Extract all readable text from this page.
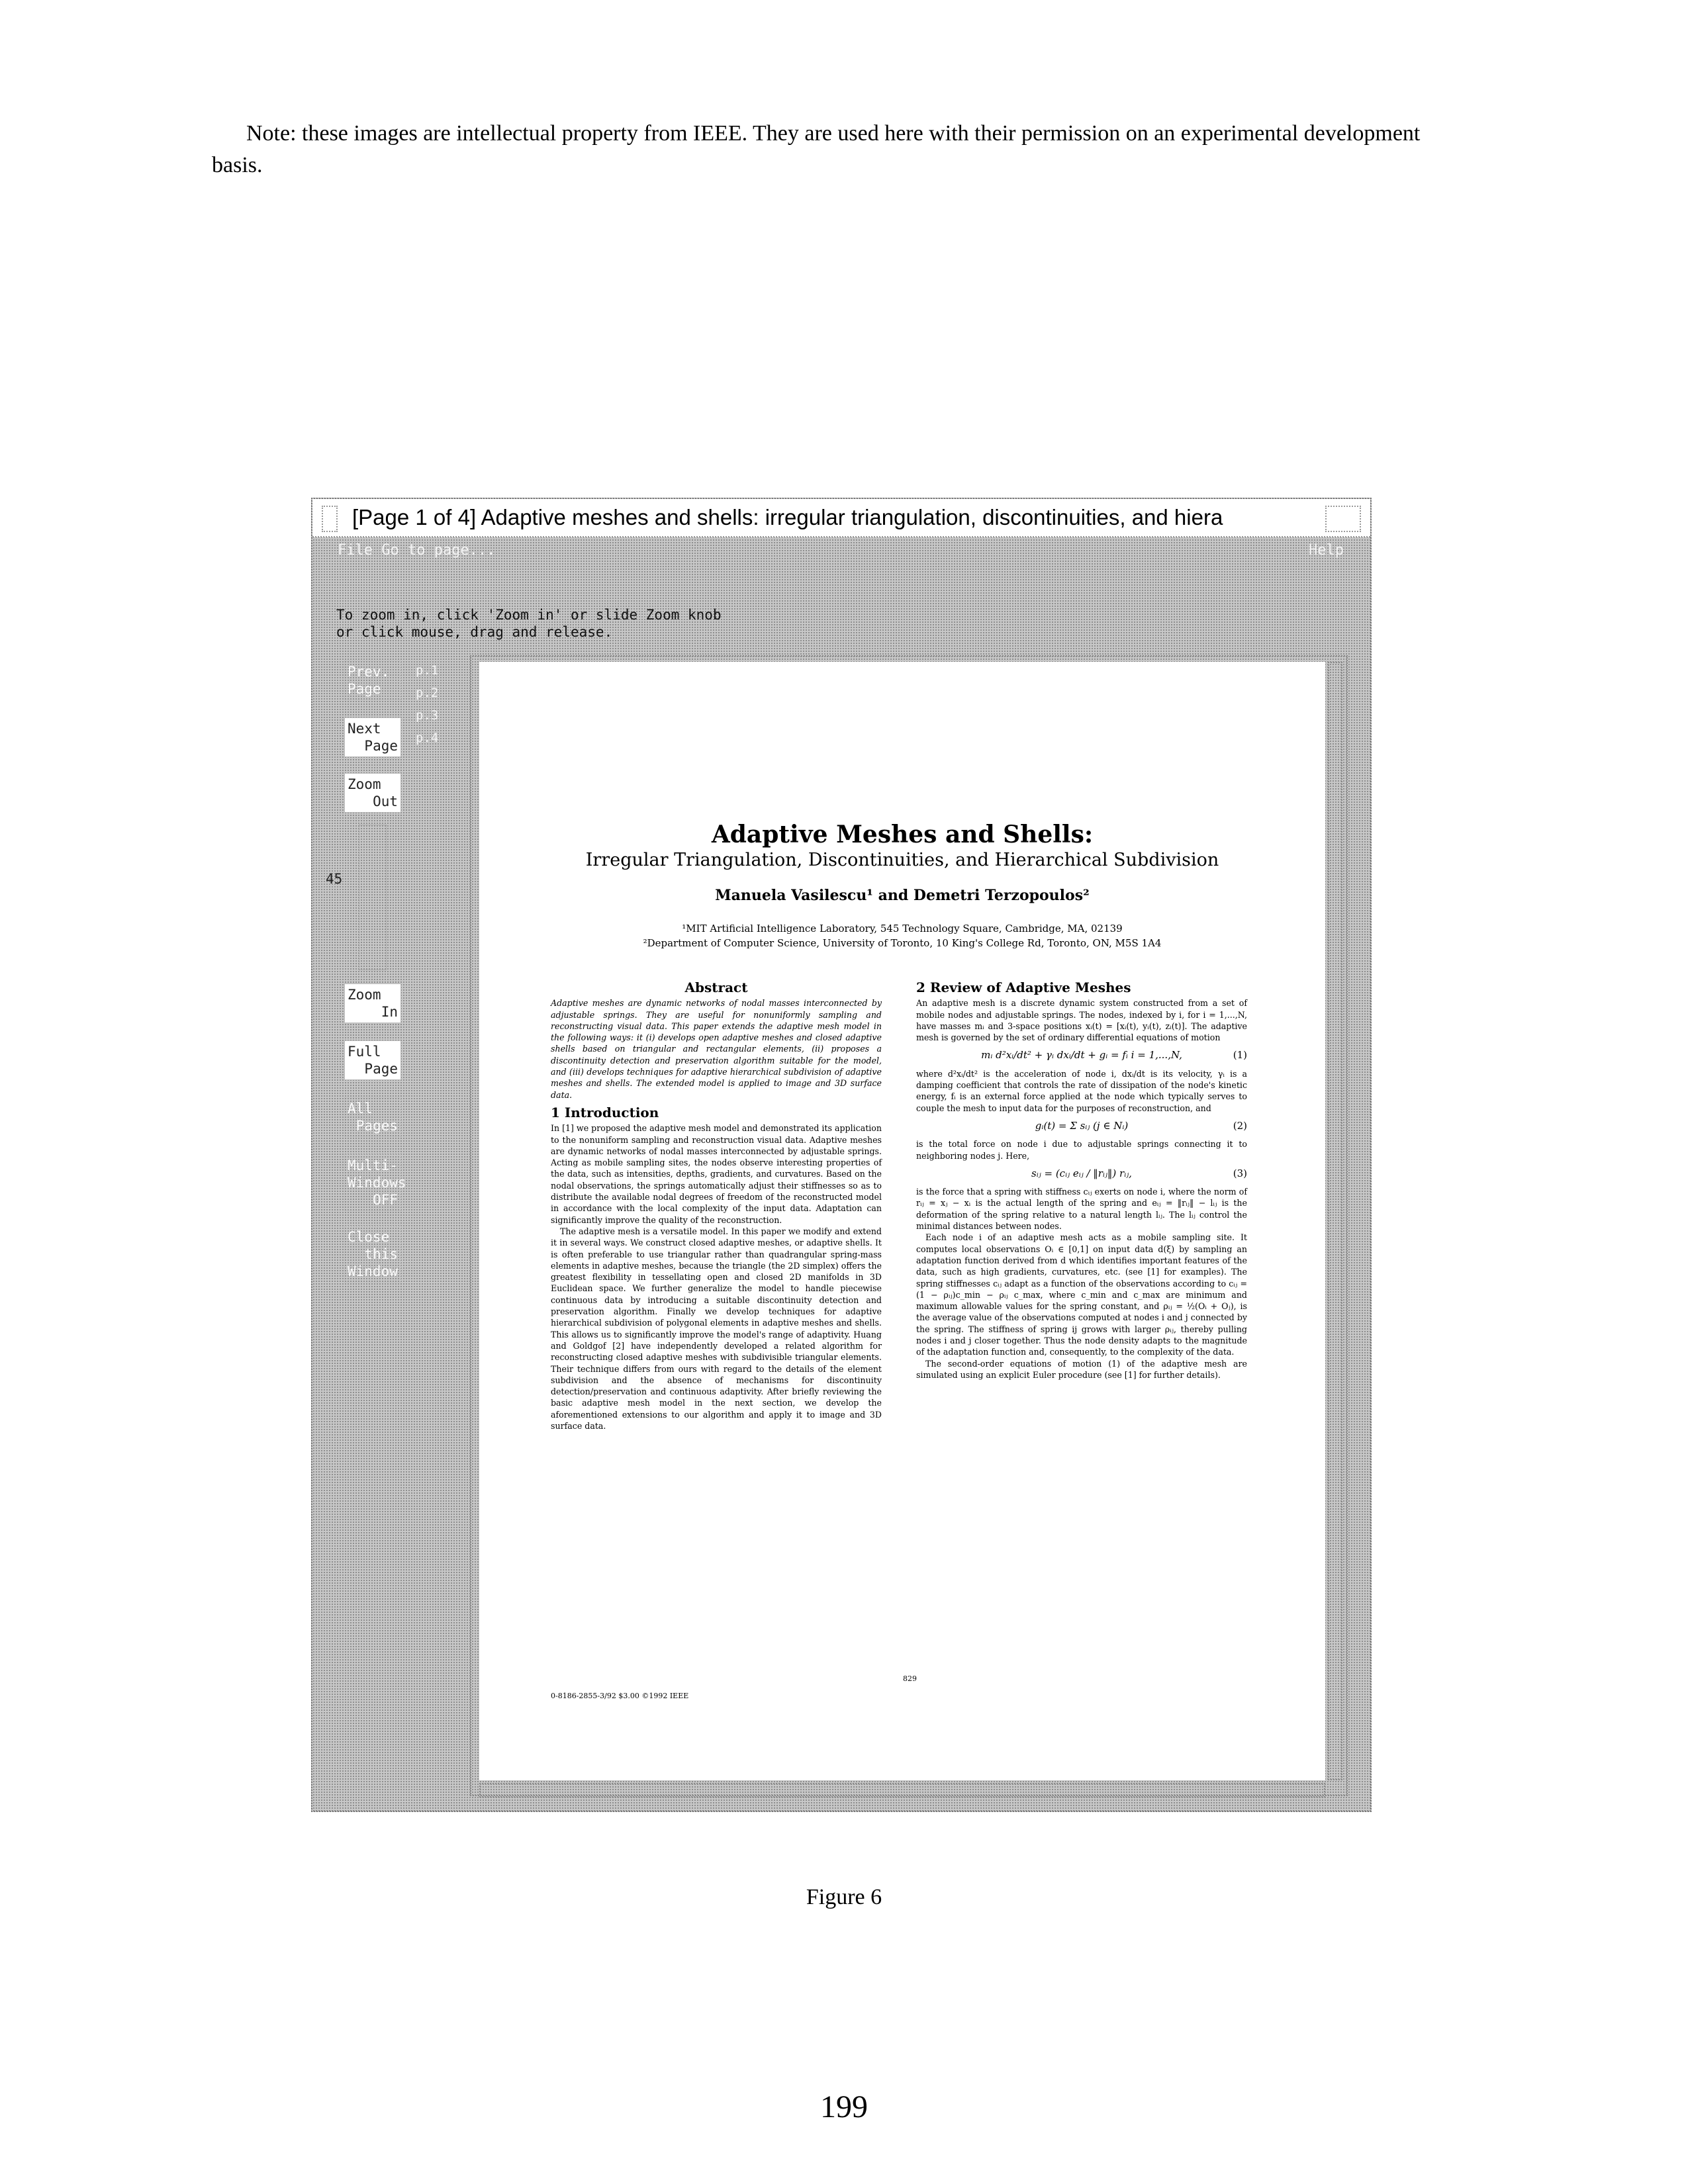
Note: these images are intellectual property from IEEE. They are used here with their permission on an experimental development basis.
[Page 1 of 4] Adaptive meshes and shells: irregular triangulation, discontinuities, and hiera
File Go to page...	Help
To zoom in, click 'Zoom in' or slide Zoom knob
or click mouse, drag and release.
Prev.
Page
Next
Page
Zoom
Out
45
Zoom
In
Full
Page
All
Pages
Multi-
Windows
OFF
Close
this
Window
p.1
p.2
p.3
p.4
Adaptive Meshes and Shells:
Irregular Triangulation, Discontinuities, and Hierarchical Subdivision
Manuela Vasilescu¹ and Demetri Terzopoulos²
¹MIT Artificial Intelligence Laboratory, 545 Technology Square, Cambridge, MA, 02139
²Department of Computer Science, University of Toronto, 10 King's College Rd, Toronto, ON, M5S 1A4
Abstract
Adaptive meshes are dynamic networks of nodal masses interconnected by adjustable springs. They are useful for nonuniformly sampling and reconstructing visual data. This paper extends the adaptive mesh model in the following ways: it (i) develops open adaptive meshes and closed adaptive shells based on triangular and rectangular elements, (ii) proposes a discontinuity detection and preservation algorithm suitable for the model, and (iii) develops techniques for adaptive hierarchical subdivision of adaptive meshes and shells. The extended model is applied to image and 3D surface data.
1 Introduction
In [1] we proposed the adaptive mesh model and demonstrated its application to the nonuniform sampling and reconstruction visual data. Adaptive meshes are dynamic networks of nodal masses interconnected by adjustable springs. Acting as mobile sampling sites, the nodes observe interesting properties of the data, such as intensities, depths, gradients, and curvatures. Based on the nodal observations, the springs automatically adjust their stiffnesses so as to distribute the available nodal degrees of freedom of the reconstructed model in accordance with the local complexity of the input data. Adaptation can significantly improve the quality of the reconstruction.
The adaptive mesh is a versatile model. In this paper we modify and extend it in several ways. We construct closed adaptive meshes, or adaptive shells. It is often preferable to use triangular rather than quadrangular spring-mass elements in adaptive meshes, because the triangle (the 2D simplex) offers the greatest flexibility in tessellating open and closed 2D manifolds in 3D Euclidean space. We further generalize the model to handle piecewise continuous data by introducing a suitable discontinuity detection and preservation algorithm. Finally we develop techniques for adaptive hierarchical subdivision of polygonal elements in adaptive meshes and shells. This allows us to significantly improve the model's range of adaptivity. Huang and Goldgof [2] have independently developed a related algorithm for reconstructing closed adaptive meshes with subdivisible triangular elements. Their technique differs from ours with regard to the details of the element subdivision and the absence of mechanisms for discontinuity detection/preservation and continuous adaptivity. After briefly reviewing the basic adaptive mesh model in the next section, we develop the aforementioned extensions to our algorithm and apply it to image and 3D surface data.
2 Review of Adaptive Meshes
An adaptive mesh is a discrete dynamic system constructed from a set of mobile nodes and adjustable springs. The nodes, indexed by i, for i = 1,...,N, have masses mᵢ and 3-space positions xᵢ(t) = [xᵢ(t), yᵢ(t), zᵢ(t)]. The adaptive mesh is governed by the set of ordinary differential equations of motion
mᵢ d²xᵢ/dt² + γᵢ dxᵢ/dt + gᵢ = fᵢ i = 1,...,N,	(1)
where d²xᵢ/dt² is the acceleration of node i, dxᵢ/dt is its velocity, γᵢ is a damping coefficient that controls the rate of dissipation of the node's kinetic energy, fᵢ is an external force applied at the node which typically serves to couple the mesh to input data for the purposes of reconstruction, and
gᵢ(t) = Σ sᵢⱼ (j ∈ Nᵢ)	(2)
is the total force on node i due to adjustable springs connecting it to neighboring nodes j. Here,
sᵢⱼ = (cᵢⱼ eᵢⱼ / ‖rᵢⱼ‖) rᵢⱼ,	(3)
is the force that a spring with stiffness cᵢⱼ exerts on node i, where the norm of rᵢⱼ = xⱼ − xᵢ is the actual length of the spring and eᵢⱼ = ‖rᵢⱼ‖ − lᵢⱼ is the deformation of the spring relative to a natural length lᵢⱼ. The lᵢⱼ control the minimal distances between nodes.
Each node i of an adaptive mesh acts as a mobile sampling site. It computes local observations Oᵢ ∈ [0,1] on input data d(ξ) by sampling an adaptation function derived from d which identifies important features of the data, such as high gradients, curvatures, etc. (see [1] for examples). The spring stiffnesses cᵢⱼ adapt as a function of the observations according to cᵢⱼ = (1 − ρᵢⱼ)c_min − ρᵢⱼ c_max, where c_min and c_max are minimum and maximum allowable values for the spring constant, and ρᵢⱼ = ½(Oᵢ + Oⱼ), is the average value of the observations computed at nodes i and j connected by the spring. The stiffness of spring ij grows with larger ρᵢⱼ, thereby pulling nodes i and j closer together. Thus the node density adapts to the magnitude of the adaptation function and, consequently, to the complexity of the data.
The second-order equations of motion (1) of the adaptive mesh are simulated using an explicit Euler procedure (see [1] for further details).
829
0-8186-2855-3/92 $3.00 ©1992 IEEE
Figure 6
199
